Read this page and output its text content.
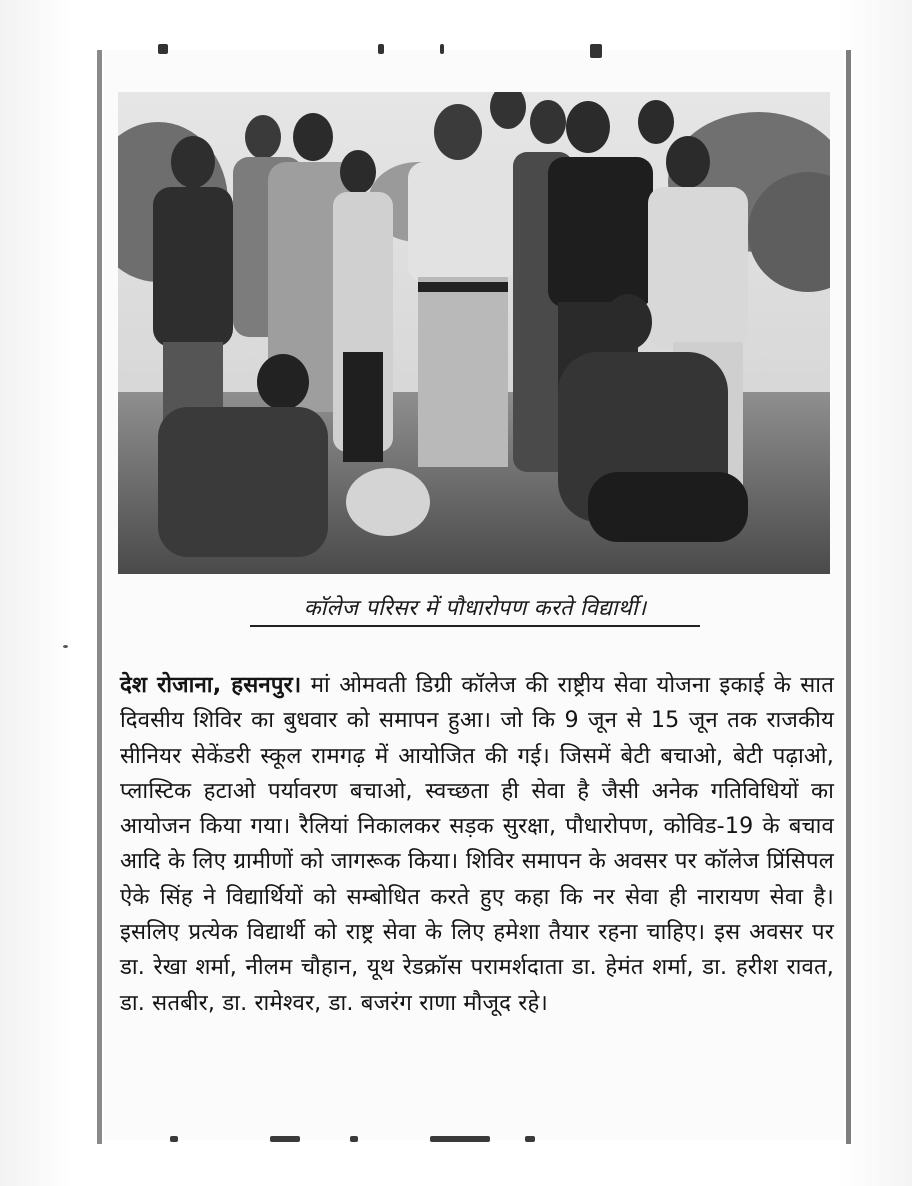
कॉलेज परिसर में पौधारोपण करते विद्यार्थी।
देश रोजाना, हसनपुर। मां ओमवती डिग्री कॉलेज की राष्ट्रीय सेवा योजना इकाई के सात दिवसीय शिविर का बुधवार को समापन हुआ। जो कि 9 जून से 15 जून तक राजकीय सीनियर सेकेंडरी स्कूल रामगढ़ में आयोजित की गई। जिसमें बेटी बचाओ, बेटी पढ़ाओ, प्लास्टिक हटाओ पर्यावरण बचाओ, स्वच्छता ही सेवा है जैसी अनेक गतिविधियों का आयोजन किया गया। रैलियां निकालकर सड़क सुरक्षा, पौधारोपण, कोविड-19 के बचाव आदि के लिए ग्रामीणों को जागरूक किया। शिविर समापन के अवसर पर कॉलेज प्रिंसिपल ऐके सिंह ने विद्यार्थियों को सम्बोधित करते हुए कहा कि नर सेवा ही नारायण सेवा है। इसलिए प्रत्येक विद्यार्थी को राष्ट्र सेवा के लिए हमेशा तैयार रहना चाहिए। इस अवसर पर डा. रेखा शर्मा, नीलम चौहान, यूथ रेडक्रॉस परामर्शदाता डा. हेमंत शर्मा, डा. हरीश रावत, डा. सतबीर, डा. रामेश्वर, डा. बजरंग राणा मौजूद रहे।
